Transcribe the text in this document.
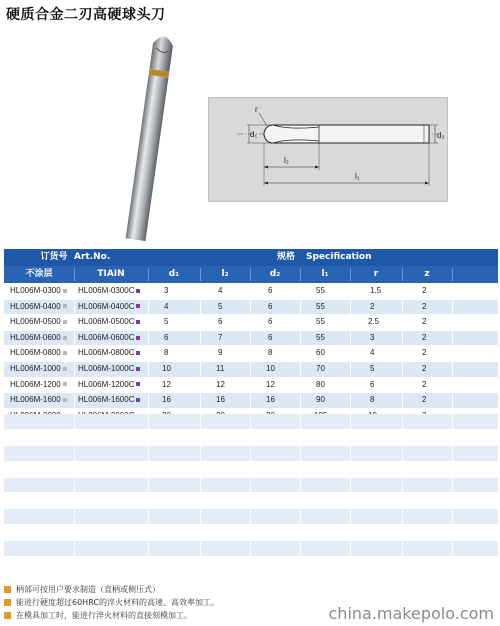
硬质合金二刃高硬球头刀
d₁
r
d₂
l₂
l₁
订货号 Art.No.	规格	Specification
不涂层	TIAIN	d₁	l₂	d₂	l₁	r	z
HL006M-0300	HL006M-0300C	3	4	6	55	1.5	2
HL006M-0400	HL006M-0400C	4	5	6	55	2	2
HL006M-0500	HL006M-0500C	5	6	6	55	2.5	2
HL006M-0600	HL006M-0600C	6	7	6	55	3	2
HL006M-0800	HL006M-0800C	8	9	8	60	4	2
HL006M-1000	HL006M-1000C	10	11	10	70	5	2
HL006M-1200	HL006M-1200C	12	12	12	80	6	2
HL006M-1600	HL006M-1600C	16	16	16	90	8	2
柄部可按用户要求制造（直柄或侧压式）
能进行硬度超过60HRC的淬火材料的高速、高效率加工。
在模具加工时，能进行淬火材料的直接刻模加工。	china.makepolo.com
